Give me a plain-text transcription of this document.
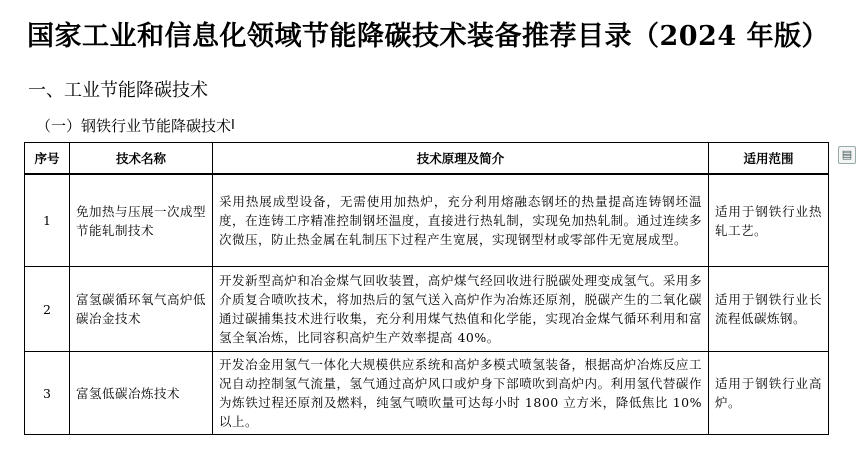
国家工业和信息化领域节能降碳技术装备推荐目录（2024 年版）
一、工业节能降碳技术
（一）钢铁行业节能降碳技术 I
▤
序号	技术名称	技术原理及简介	适用范围
1	免加热与压展一次成型节能轧制技术	采用热展成型设备，无需使用加热炉，充分利用熔融态钢坯的热量提高连铸钢坯温度，在连铸工序精准控制钢坯温度，直接进行热轧制，实现免加热轧制。通过连续多次微压，防止热金属在轧制压下过程产生宽展，实现钢型材或零部件无宽展成型。	适用于钢铁行业热轧工艺。
2	富氢碳循环氧气高炉低碳冶金技术	开发新型高炉和冶金煤气回收装置，高炉煤气经回收进行脱碳处理变成氢气。采用多介质复合喷吹技术，将加热后的氢气送入高炉作为冶炼还原剂，脱碳产生的二氧化碳通过碳捕集技术进行收集，充分利用煤气热值和化学能，实现冶金煤气循环利用和富氢全氧冶炼，比同容积高炉生产效率提高 40%。	适用于钢铁行业长流程低碳炼钢。
3	富氢低碳冶炼技术	开发冶金用氢气一体化大规模供应系统和高炉多模式喷氢装备，根据高炉冶炼反应工况自动控制氢气流量，氢气通过高炉风口或炉身下部喷吹到高炉内。利用氢代替碳作为炼铁过程还原剂及燃料，纯氢气喷吹量可达每小时 1800 立方米，降低焦比 10%以上。	适用于钢铁行业高炉。
